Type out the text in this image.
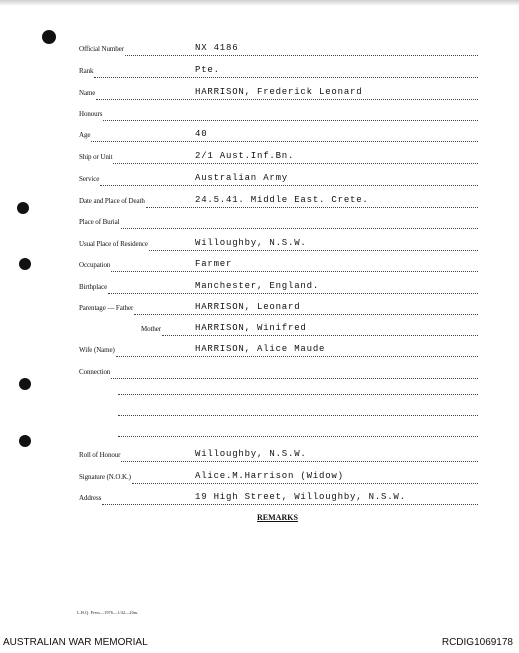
Official Number	NX 4186
Rank	Pte.
Name	HARRISON, Frederick Leonard
Honours
Age	40
Ship or Unit	2/1 Aust.Inf.Bn.
Service	Australian Army
Date and Place of Death	24.5.41. Middle East. Crete.
Place of Burial
Usual Place of Residence	Willoughby, N.S.W.
Occupation	Farmer
Birthplace	Manchester, England.
Parentage — Father	HARRISON, Leonard
Mother	HARRISON, Winifred
Wife (Name)	HARRISON, Alice Maude
Connection
Roll of Honour	Willoughby, N.S.W.
Signature (N.O.K.)	Alice.M.Harrison (Widow)
Address	19 High Street, Willoughby, N.S.W.
REMARKS
L.H.Q. Press—1976—1/42—20m.
AUSTRALIAN WAR MEMORIAL	RCDIG1069178
